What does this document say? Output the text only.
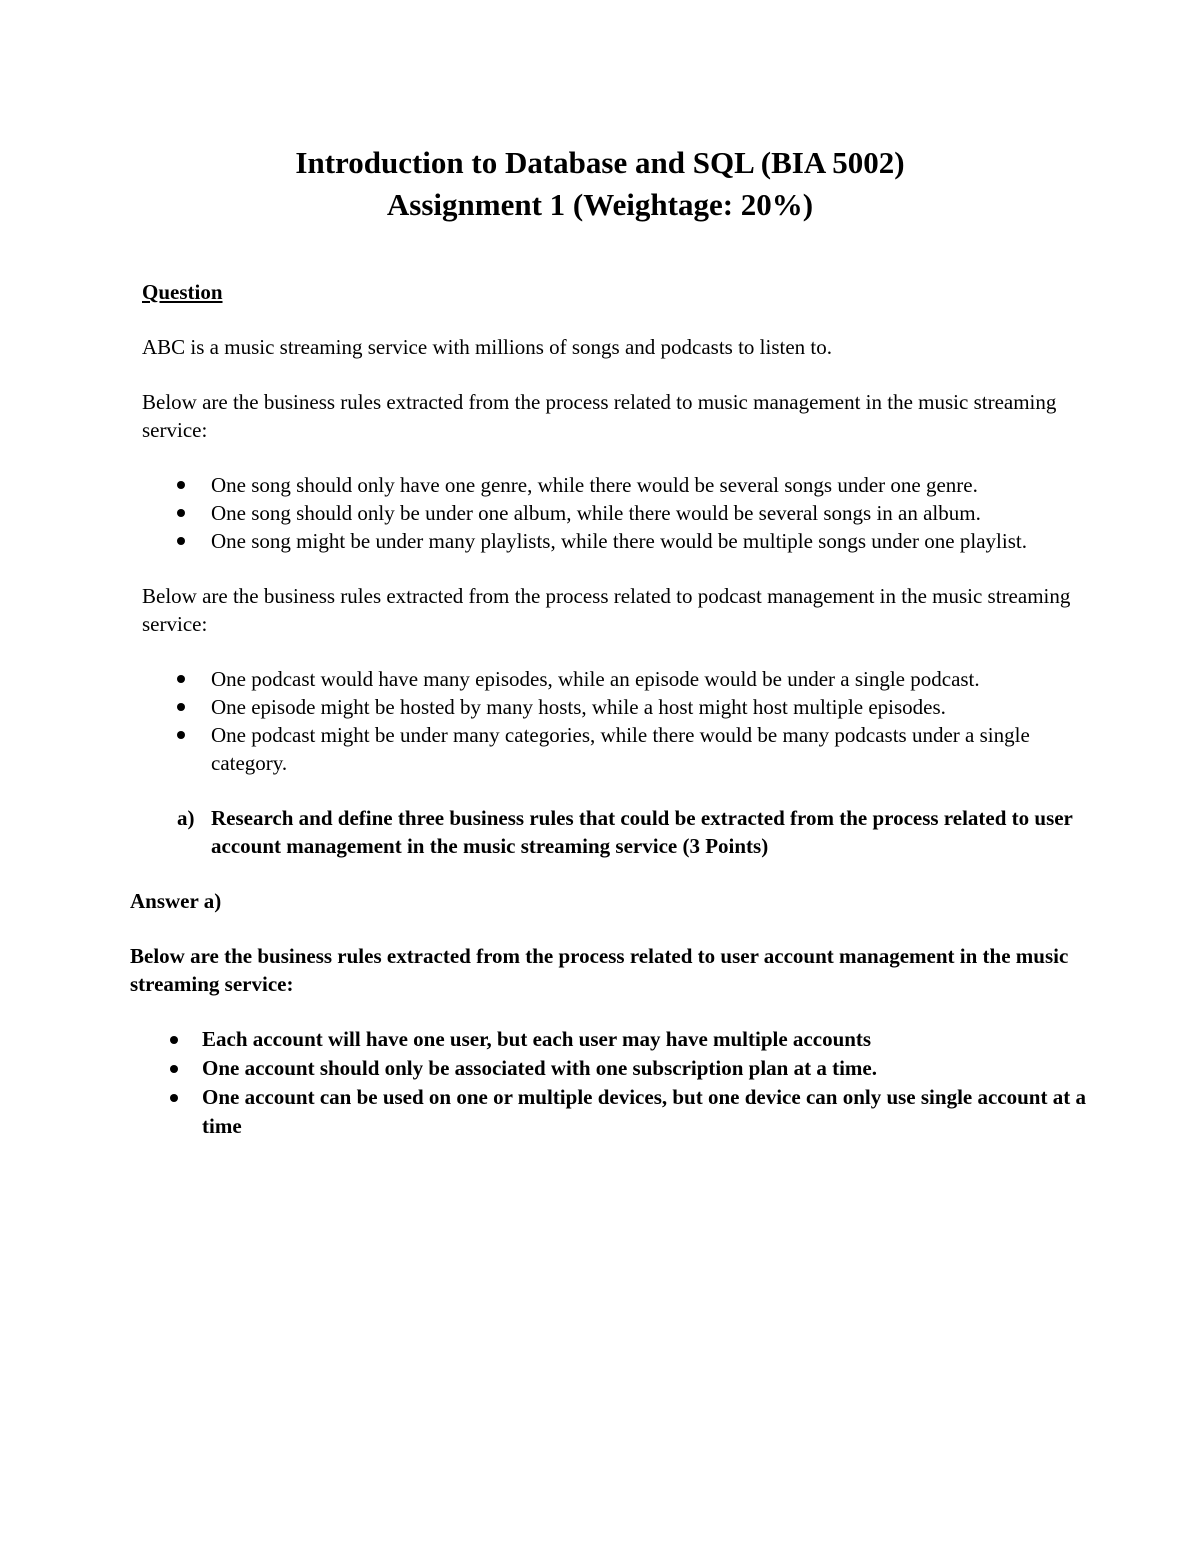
Introduction to Database and SQL (BIA 5002)
Assignment 1 (Weightage: 20%)

Question

ABC is a music streaming service with millions of songs and podcasts to listen to.

Below are the business rules extracted from the process related to music management in the music streaming service:

One song should only have one genre, while there would be several songs under one genre.
One song should only be under one album, while there would be several songs in an album.
One song might be under many playlists, while there would be multiple songs under one playlist.

Below are the business rules extracted from the process related to podcast management in the music streaming service:

One podcast would have many episodes, while an episode would be under a single podcast.
One episode might be hosted by many hosts, while a host might host multiple episodes.
One podcast might be under many categories, while there would be many podcasts under a single category.
a) Research and define three business rules that could be extracted from the process related to user account management in the music streaming service (3 Points)

Answer a)

Below are the business rules extracted from the process related to user account management in the music streaming service:

Each account will have one user, but each user may have multiple accounts
One account should only be associated with one subscription plan at a time.
One account can be used on one or multiple devices, but one device can only use single account at a time
